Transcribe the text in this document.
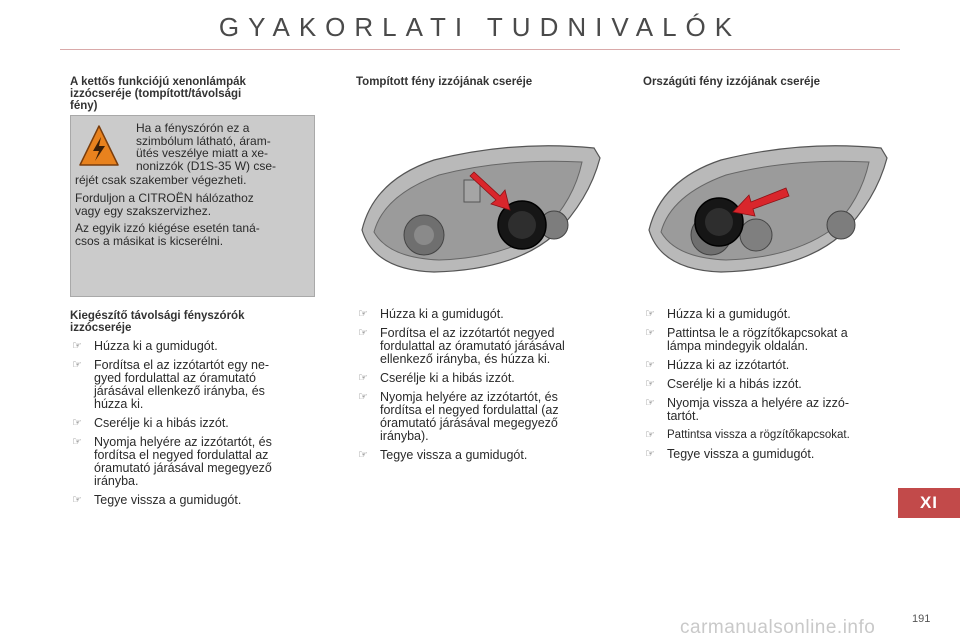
GYAKORLATI TUDNIVALÓK
A kettős funkciójú xenonlámpák
izzócseréje (tompított/távolsági
fény)
Ha a fényszórón ez a
szimbólum látható, áram-
ütés veszélye miatt a xe-
nonizzók (D1S-35 W) cse-
réjét csak szakember végezheti.
Forduljon a CITROËN hálózathoz
vagy egy szakszervizhez.
Az egyik izzó kiégése esetén taná-
csos a másikat is kicserélni.
Kiegészítő távolsági fényszórók
izzócseréje
☞ Húzza ki a gumidugót.
☞ Fordítsa el az izzótartót egy ne-
gyed fordulattal az óramutató
járásával ellenkező irányba, és
húzza ki.
☞ Cserélje ki a hibás izzót.
☞ Nyomja helyére az izzótartót, és
fordítsa el negyed fordulattal az
óramutató járásával megegyező
irányba.
☞ Tegye vissza a gumidugót.
Tompított fény izzójának cseréje
☞ Húzza ki a gumidugót.
☞ Fordítsa el az izzótartót negyed
fordulattal az óramutató járásával
ellenkező irányba, és húzza ki.
☞ Cserélje ki a hibás izzót.
☞ Nyomja helyére az izzótartót, és
fordítsa el negyed fordulattal (az
óramutató járásával megegyező
irányba).
☞ Tegye vissza a gumidugót.
Országúti fény izzójának cseréje
☞ Húzza ki a gumidugót.
☞ Pattintsa le a rögzítőkapcsokat a
lámpa mindegyik oldalán.
☞ Húzza ki az izzótartót.
☞ Cserélje ki a hibás izzót.
☞ Nyomja vissza a helyére az izzó-
tartót.
☞	Pattintsa vissza a rögzítőkapcsokat.
☞ Tegye vissza a gumidugót.
XI
carmanualsonline.info	191
